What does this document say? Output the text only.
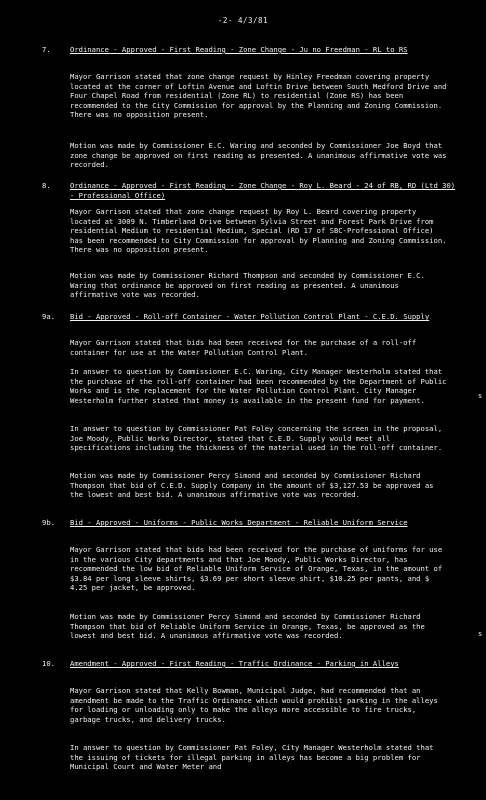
-2- 4/3/81
7.	Ordinance - Approved - First Reading - Zone Change - Ju no Freedman - RL to RS
Mayor Garrison stated that zone change request by Hinley Freedman covering property located at the corner of Loftin Avenue and Loftin Drive between South Medford Drive and Four Chapel Road from residential (Zone RL) to residential (Zone RS) has been recommended to the City Commission for approval by the Planning and Zoning Commission. There was no opposition present.
Motion was made by Commissioner E.C. Waring and seconded by Commissioner Joe Boyd that zone change be approved on first reading as presented. A unanimous affirmative vote was recorded.
8.	Ordinance - Approved - First Reading - Zone Change - Roy L. Beard - 24 of RB, RD (Ltd 30) - Professional Office)
Mayor Garrison stated that zone change request by Roy L. Beard covering property located at 3009 N. Timberland Drive between Sylvia Street and Forest Park Drive from residential Medium to residential Medium, Special (RD 17 of SBC-Professional Office) has been recommended to City Commission for approval by Planning and Zoning Commission. There was no opposition present.
Motion was made by Commissioner Richard Thompson and seconded by Commissioner E.C. Waring that ordinance be approved on first reading as presented. A unanimous affirmative vote was recorded.
9a. Bid - Approved - Roll-off Container - Water Pollution Control Plant - C.E.D. Supply
Mayor Garrison stated that bids had been received for the purchase of a roll-off container for use at the Water Pollution Control Plant.
In answer to question by Commissioner E.C. Waring, City Manager Westerholm stated that the purchase of the roll-off container had been recommended by the Department of Public Works and is the replacement for the Water Pollution Control Plant. City Manager Westerholm further stated that money is available in the present fund for payment.
In answer to question by Commissioner Pat Foley concerning the screen in the proposal, Joe Moody, Public Works Director, stated that C.E.D. Supply would meet all specifications including the thickness of the material used in the roll-off container.
Motion was made by Commissioner Percy Simond and seconded by Commissioner Richard Thompson that bid of C.E.D. Supply Company in the amount of $3,127.53 be approved as the lowest and best bid. A unanimous affirmative vote was recorded.
9b. Bid - Approved - Uniforms - Public Works Department - Reliable Uniform Service
Mayor Garrison stated that bids had been received for the purchase of uniforms for use in the various City departments and that Joe Moody, Public Works Director, has recommended the low bid of Reliable Uniform Service of Orange, Texas, in the amount of $3.84 per long sleeve shirts, $3.69 per short sleeve shirt, $10.25 per pants, and $ 4.25 per jacket, be approved.
Motion was made by Commissioner Percy Simond and seconded by Commissioner Richard Thompson that bid of Reliable Uniform Service in Orange, Texas, be approved as the lowest and best bid. A unanimous affirmative vote was recorded.
10. Amendment - Approved - First Reading - Traffic Ordinance - Parking in Alleys
Mayor Garrison stated that Kelly Bowman, Municipal Judge, had recommended that an amendment be made to the Traffic Ordinance which would prohibit parking in the alleys for loading or unloading only to make the alleys more accessible to fire trucks, garbage trucks, and delivery trucks.
In answer to question by Commissioner Pat Foley, City Manager Westerholm stated that the issuing of tickets for illegal parking in alleys has become a big problem for Municipal Court and Water Meter and
s
s
